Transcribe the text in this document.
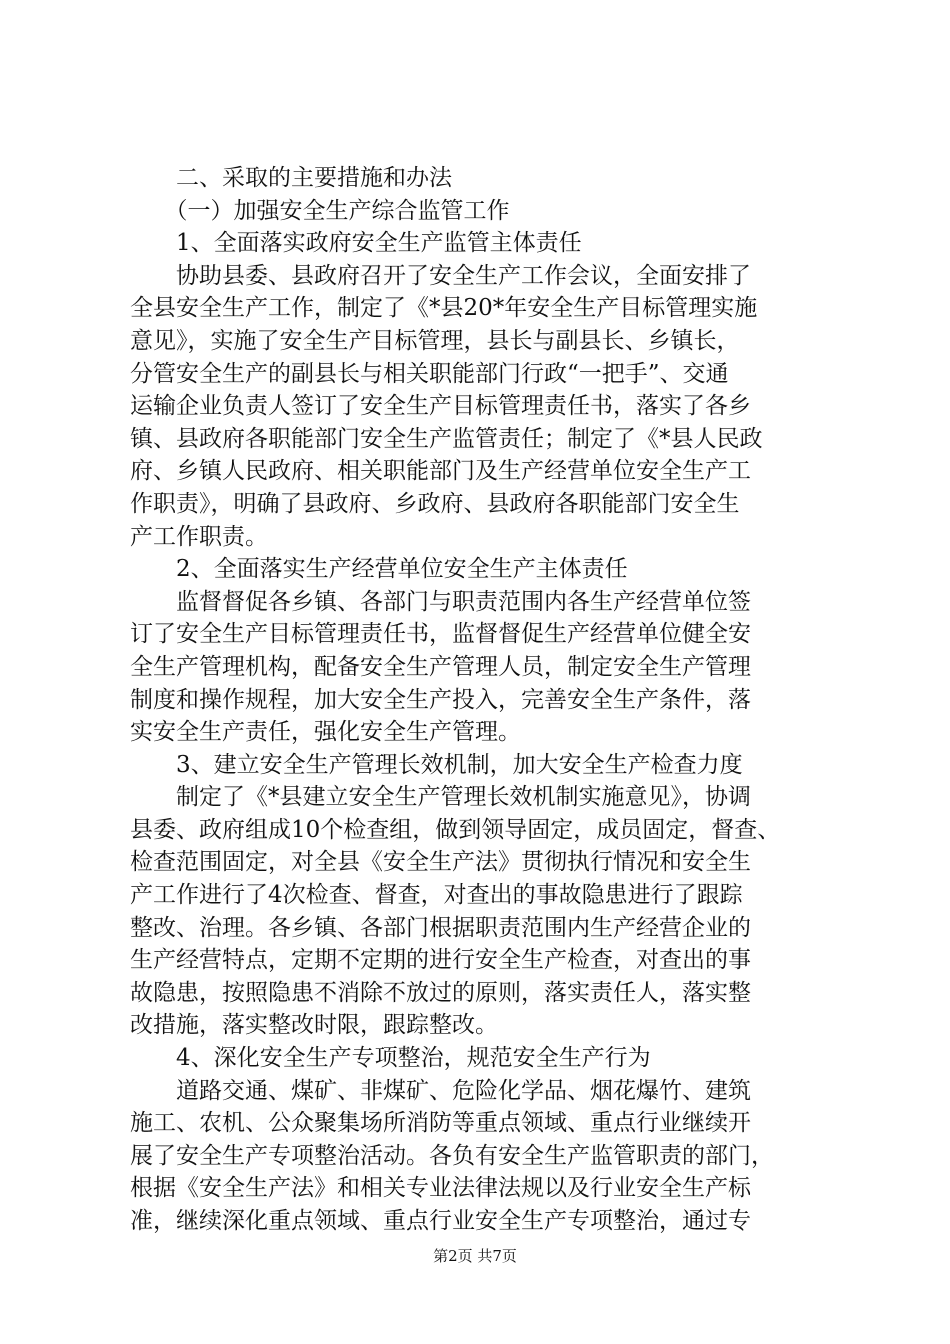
　　二、采取的主要措施和办法
　　（一）加强安全生产综合监管工作
　　1、全面落实政府安全生产监管主体责任
　　协助县委、县政府召开了安全生产工作会议，全面安排了
全县安全生产工作，制定了《*县20*年安全生产目标管理实施
意见》，实施了安全生产目标管理，县长与副县长、乡镇长，
分管安全生产的副县长与相关职能部门行政“一把手”、交通
运输企业负责人签订了安全生产目标管理责任书，落实了各乡
镇、县政府各职能部门安全生产监管责任；制定了《*县人民政
府、乡镇人民政府、相关职能部门及生产经营单位安全生产工
作职责》，明确了县政府、乡政府、县政府各职能部门安全生
产工作职责。
　　2、全面落实生产经营单位安全生产主体责任
　　监督督促各乡镇、各部门与职责范围内各生产经营单位签
订了安全生产目标管理责任书，监督督促生产经营单位健全安
全生产管理机构，配备安全生产管理人员，制定安全生产管理
制度和操作规程，加大安全生产投入，完善安全生产条件，落
实安全生产责任，强化安全生产管理。
　　3、建立安全生产管理长效机制，加大安全生产检查力度
　　制定了《*县建立安全生产管理长效机制实施意见》，协调
县委、政府组成10个检查组，做到领导固定，成员固定，督查、
检查范围固定，对全县《安全生产法》贯彻执行情况和安全生
产工作进行了4次检查、督查，对查出的事故隐患进行了跟踪
整改、治理。各乡镇、各部门根据职责范围内生产经营企业的
生产经营特点，定期不定期的进行安全生产检查，对查出的事
故隐患，按照隐患不消除不放过的原则，落实责任人，落实整
改措施，落实整改时限，跟踪整改。
　　4、深化安全生产专项整治，规范安全生产行为
　　道路交通、煤矿、非煤矿、危险化学品、烟花爆竹、建筑
施工、农机、公众聚集场所消防等重点领域、重点行业继续开
展了安全生产专项整治活动。各负有安全生产监管职责的部门，
根据《安全生产法》和相关专业法律法规以及行业安全生产标
准，继续深化重点领域、重点行业安全生产专项整治，通过专
第2页 共7页
